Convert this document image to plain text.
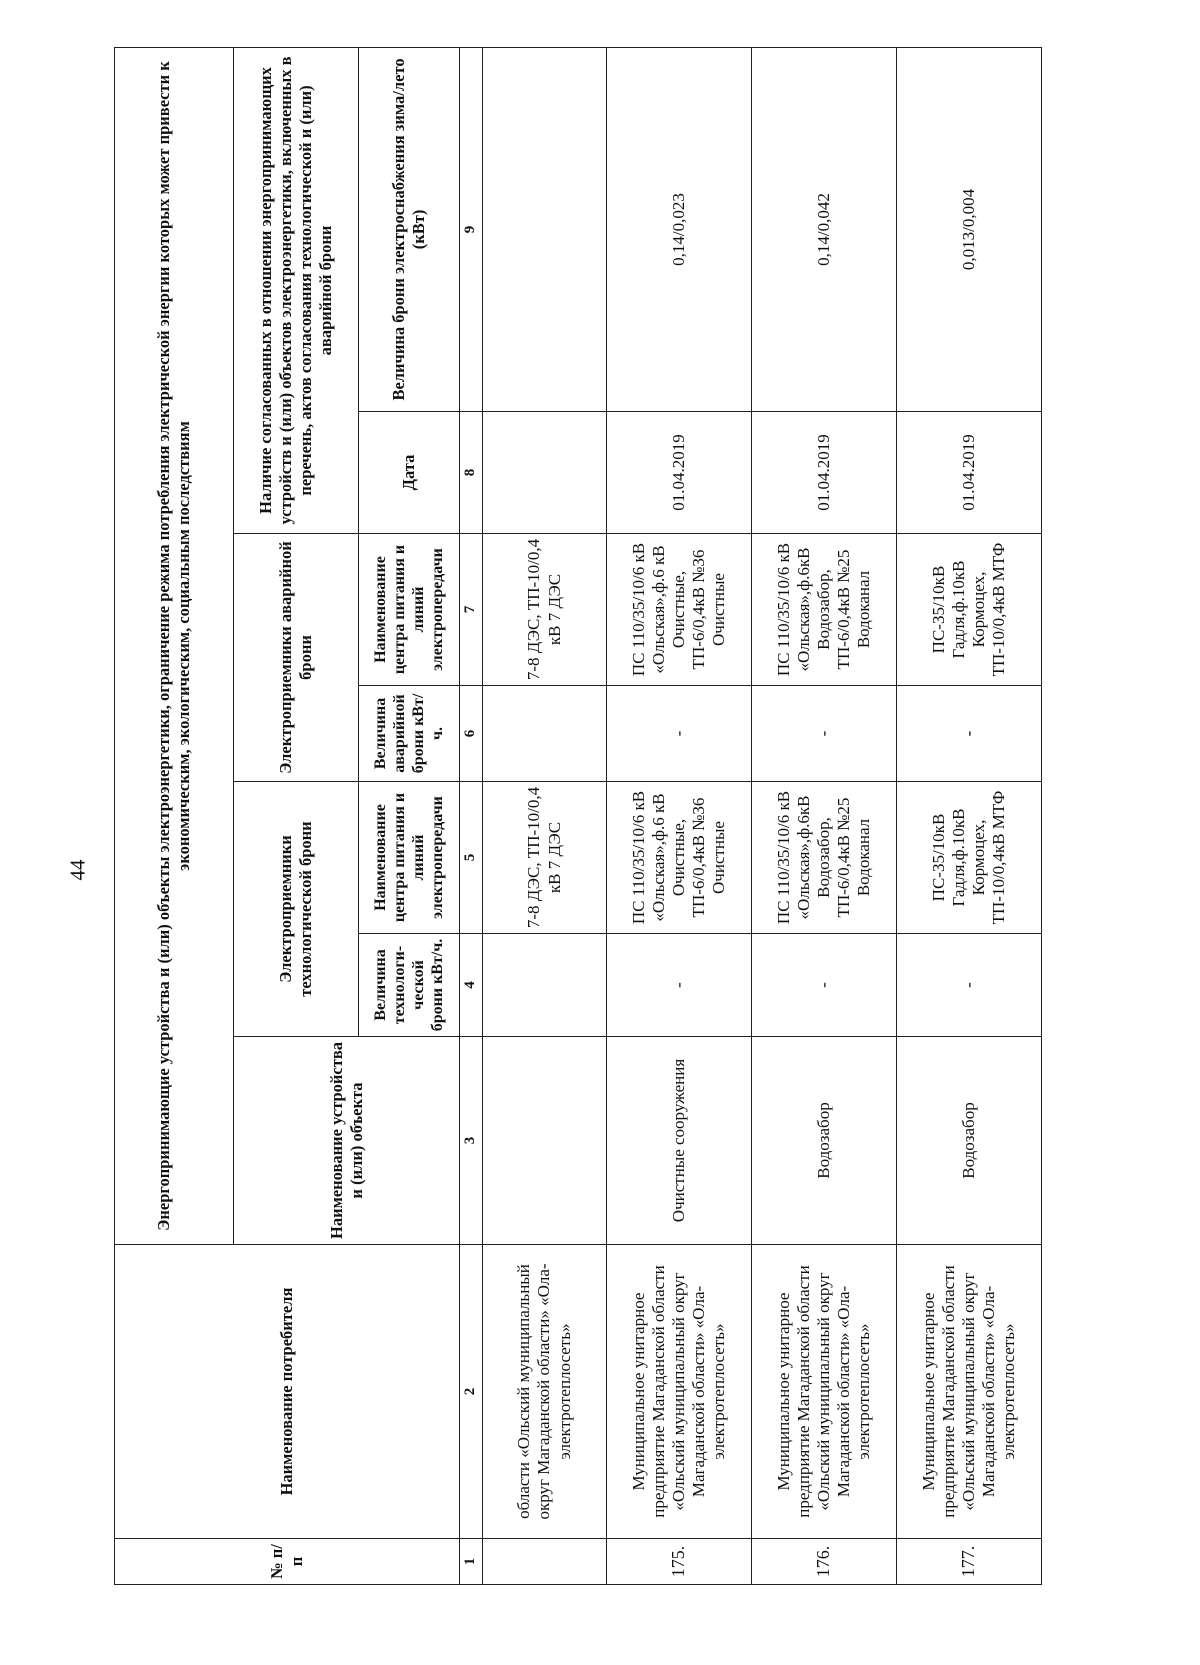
44
№ п/п	Наименование потребителя	Энергопринимающие устройства и (или) объекты электроэнергетики, ограничение режима потребления электрической энергии которых может привести к экономическим, экологическим, социальным последствиям						
		Наименование устройства и (или) объекта	Электроприемники технологической брони		Электроприемники аварийной брони		Наличие согласованных в отношении энергопринимающих устройств и (или) объектов электроэнергетики, включенных в перечень, актов согласования технологической и (или) аварийной брони	
			Величина технологи-ческой брони кВт/ч.	Наименование центра питания и линий электропередачи	Величина аварийной брони кВт/ч.	Наименование центра питания и линий электропередачи	Дата	Величина брони электроснабжения зима/лето (кВт)
1	2	3	4	5	6	7	8	9
	области «Ольский муниципальный округ Магаданской области» «Ола-электротеплосеть»			7-8 ДЭС, ТП-10/0,4 кВ 7 ДЭС		7-8 ДЭС, ТП-10/0,4 кВ 7 ДЭС		
175.	Муниципальное унитарное предприятие Магаданской области «Ольский муниципальный округ Магаданской области» «Ола-электротеплосеть»	Очистные сооружения	-	ПС 110/35/10/6 кВ «Ольская»,ф.6 кВ Очистные, ТП-6/0,4кВ №36 Очистные	-	ПС 110/35/10/6 кВ «Ольская»,ф.6 кВ Очистные, ТП-6/0,4кВ №36 Очистные	01.04.2019	0,14/0,023
176.	Муниципальное унитарное предприятие Магаданской области «Ольский муниципальный округ Магаданской области» «Ола-электротеплосеть»	Водозабор	-	ПС 110/35/10/6 кВ «Ольская»,ф.6кВ Водозабор, ТП-6/0,4кВ №25 Водоканал	-	ПС 110/35/10/6 кВ «Ольская»,ф.6кВ Водозабор, ТП-6/0,4кВ №25 Водоканал	01.04.2019	0,14/0,042
177.	Муниципальное унитарное предприятие Магаданской области «Ольский муниципальный округ Магаданской области» «Ола-электротеплосеть»	Водозабор	-	ПС-35/10кВ Гадля,ф.10кВ Кормоцех, ТП-10/0,4кВ МТФ	-	ПС-35/10кВ Гадля,ф.10кВ Кормоцех, ТП-10/0,4кВ МТФ	01.04.2019	0,013/0,004
